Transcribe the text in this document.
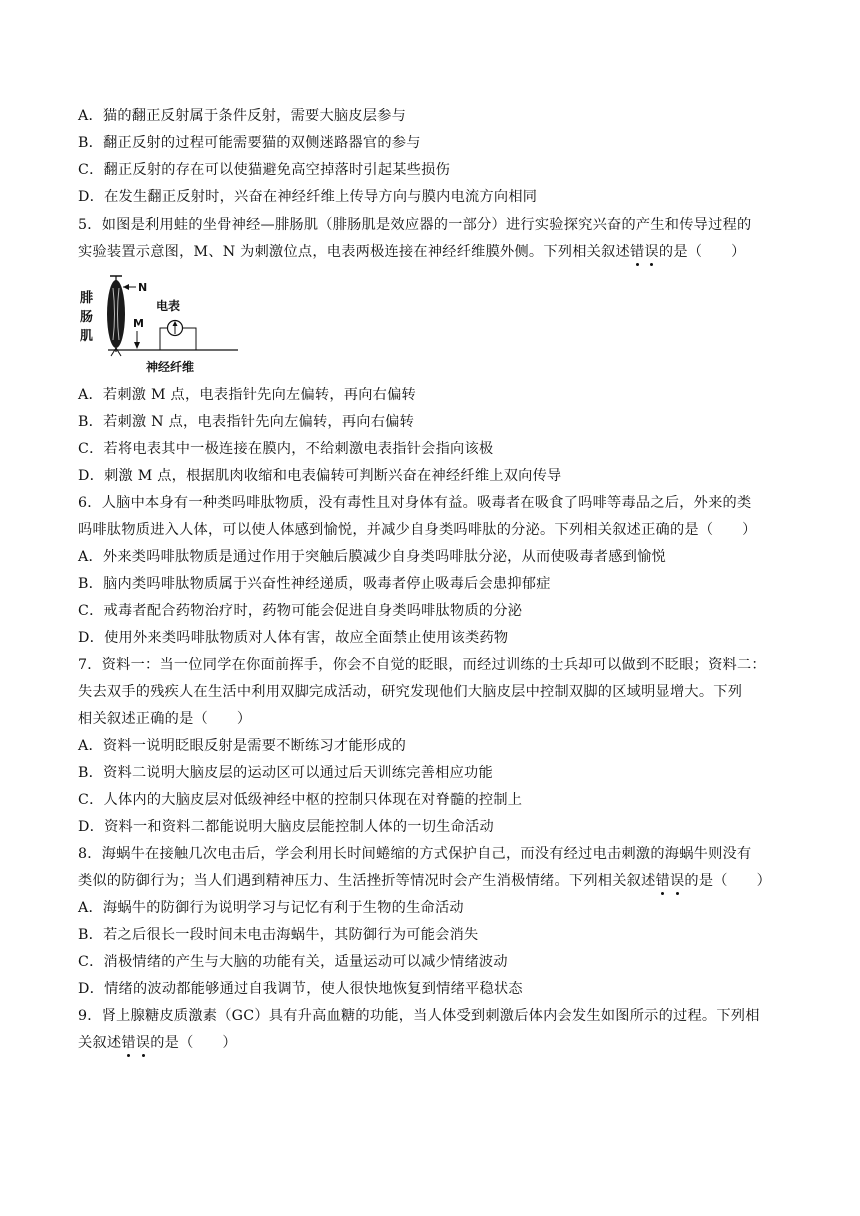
A．猫的翻正反射属于条件反射，需要大脑皮层参与
B．翻正反射的过程可能需要猫的双侧迷路器官的参与
C．翻正反射的存在可以使猫避免高空掉落时引起某些损伤
D．在发生翻正反射时，兴奋在神经纤维上传导方向与膜内电流方向相同
5．如图是利用蛙的坐骨神经—腓肠肌（腓肠肌是效应器的一部分）进行实验探究兴奋的产生和传导过程的
实验装置示意图，M、N 为刺激位点，电表两极连接在神经纤维膜外侧。下列相关叙述错误的是（　　）
腓
肠
肌
N
M
电表
神经纤维
A．若刺激 M 点，电表指针先向左偏转，再向右偏转
B．若刺激 N 点，电表指针先向左偏转，再向右偏转
C．若将电表其中一极连接在膜内，不给刺激电表指针会指向该极
D．刺激 M 点，根据肌肉收缩和电表偏转可判断兴奋在神经纤维上双向传导
6．人脑中本身有一种类吗啡肽物质，没有毒性且对身体有益。吸毒者在吸食了吗啡等毒品之后，外来的类
吗啡肽物质进入人体，可以使人体感到愉悦，并减少自身类吗啡肽的分泌。下列相关叙述正确的是（　　）
A．外来类吗啡肽物质是通过作用于突触后膜减少自身类吗啡肽分泌，从而使吸毒者感到愉悦
B．脑内类吗啡肽物质属于兴奋性神经递质，吸毒者停止吸毒后会患抑郁症
C．戒毒者配合药物治疗时，药物可能会促进自身类吗啡肽物质的分泌
D．使用外来类吗啡肽物质对人体有害，故应全面禁止使用该类药物
7．资料一：当一位同学在你面前挥手，你会不自觉的眨眼，而经过训练的士兵却可以做到不眨眼；资料二：
失去双手的残疾人在生活中利用双脚完成活动，研究发现他们大脑皮层中控制双脚的区域明显增大。下列
相关叙述正确的是（　　）
A．资料一说明眨眼反射是需要不断练习才能形成的
B．资料二说明大脑皮层的运动区可以通过后天训练完善相应功能
C．人体内的大脑皮层对低级神经中枢的控制只体现在对脊髓的控制上
D．资料一和资料二都能说明大脑皮层能控制人体的一切生命活动
8．海蜗牛在接触几次电击后，学会利用长时间蜷缩的方式保护自己，而没有经过电击刺激的海蜗牛则没有
类似的防御行为；当人们遇到精神压力、生活挫折等情况时会产生消极情绪。下列相关叙述错误的是（　　）
A．海蜗牛的防御行为说明学习与记忆有利于生物的生命活动
B．若之后很长一段时间未电击海蜗牛，其防御行为可能会消失
C．消极情绪的产生与大脑的功能有关，适量运动可以减少情绪波动
D．情绪的波动都能够通过自我调节，使人很快地恢复到情绪平稳状态
9．肾上腺糖皮质激素（GC）具有升高血糖的功能，当人体受到刺激后体内会发生如图所示的过程。下列相
关叙述错误的是（　　）
